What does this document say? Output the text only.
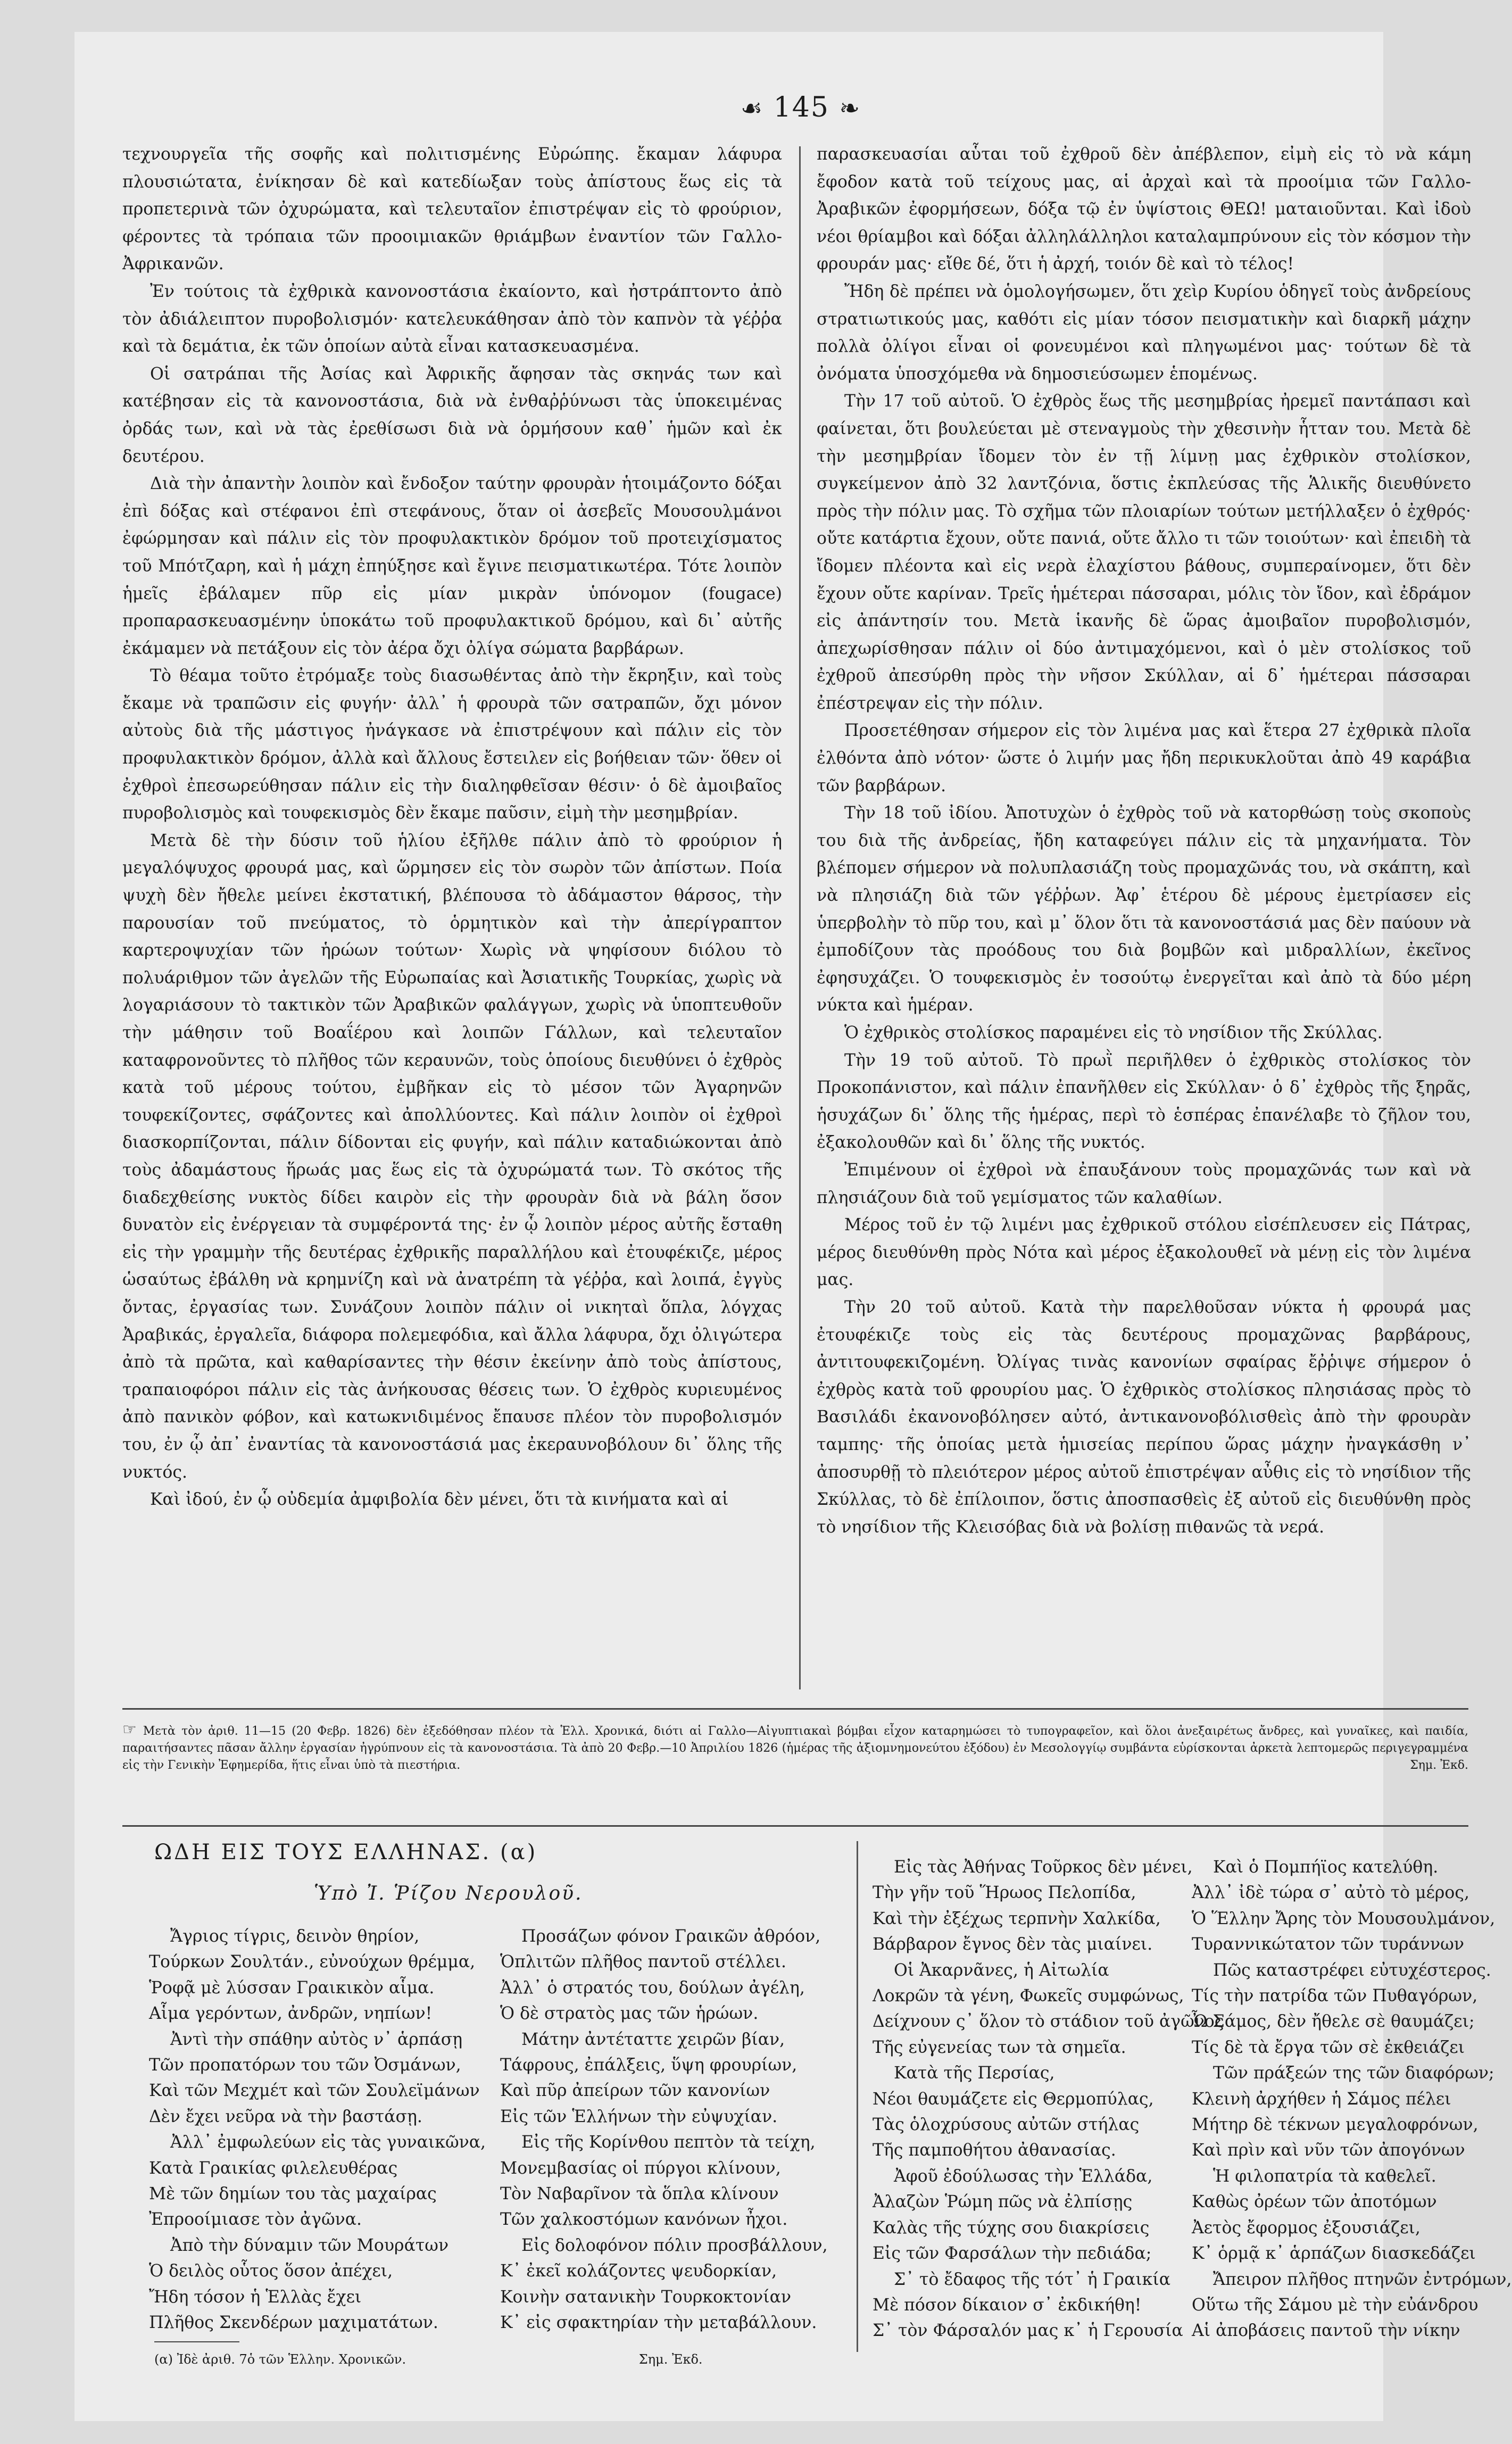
☙ 145 ❧

τεχνουργεῖα τῆς σοφῆς καὶ πολιτισμένης Εὐρώπης. ἔκαμαν λάφυρα πλουσιώτατα, ἐνίκησαν δὲ καὶ κατεδίωξαν τοὺς ἀπίστους ἕως εἰς τὰ προπετερινὰ τῶν ὀχυρώματα, καὶ τελευταῖον ἐπιστρέψαν εἰς τὸ φρούριον, φέροντες τὰ τρόπαια τῶν προοιμιακῶν θριάμβων ἐναντίον τῶν Γαλλο-Ἀφρικανῶν.

Ἐν τούτοις τὰ ἐχθρικὰ κανονοστάσια ἐκαίοντο, καὶ ἠστράπτοντο ἀπὸ τὸν ἀδιάλειπτον πυροβολισμόν· κατελευκάθησαν ἀπὸ τὸν καπνὸν τὰ γέῤῥα καὶ τὰ δεμάτια, ἐκ τῶν ὁποίων αὐτὰ εἶναι κατασκευασμένα.

Οἱ σατράπαι τῆς Ἀσίας καὶ Ἀφρικῆς ἄφησαν τὰς σκηνάς των καὶ κατέβησαν εἰς τὰ κανονοστάσια, διὰ νὰ ἐνθαῤῥύνωσι τὰς ὑποκειμένας ὀρδάς των, καὶ νὰ τὰς ἐρεθίσωσι διὰ νὰ ὁρμήσουν καθ᾽ ἡμῶν καὶ ἐκ δευτέρου.

Διὰ τὴν ἀπαντὴν λοιπὸν καὶ ἔνδοξον ταύτην φρουρὰν ἡτοιμάζοντο δόξαι ἐπὶ δόξας καὶ στέφανοι ἐπὶ στεφάνους, ὅταν οἱ ἀσεβεῖς Μουσουλμάνοι ἐφώρμησαν καὶ πάλιν εἰς τὸν προφυλακτικὸν δρόμον τοῦ προτειχίσματος τοῦ Μπότζαρη, καὶ ἡ μάχη ἐπηύξησε καὶ ἔγινε πεισματικωτέρα. Τότε λοιπὸν ἡμεῖς ἐβάλαμεν πῦρ εἰς μίαν μικρὰν ὑπόνομον (fougace) προπαρασκευασμένην ὑποκάτω τοῦ προφυλακτικοῦ δρόμου, καὶ δι᾽ αὐτῆς ἐκάμαμεν νὰ πετάξουν εἰς τὸν ἀέρα ὄχι ὀλίγα σώματα βαρβάρων.

Τὸ θέαμα τοῦτο ἐτρόμαξε τοὺς διασωθέντας ἀπὸ τὴν ἔκρηξιν, καὶ τοὺς ἔκαμε νὰ τραπῶσιν εἰς φυγήν· ἀλλ᾽ ἡ φρουρὰ τῶν σατραπῶν, ὄχι μόνον αὐτοὺς διὰ τῆς μάστιγος ἠνάγκασε νὰ ἐπιστρέψουν καὶ πάλιν εἰς τὸν προφυλακτικὸν δρόμον, ἀλλὰ καὶ ἄλλους ἔστειλεν εἰς βοήθειαν τῶν· ὅθεν οἱ ἐχθροὶ ἐπεσωρεύθησαν πάλιν εἰς τὴν διαληφθεῖσαν θέσιν· ὁ δὲ ἀμοιβαῖος πυροβολισμὸς καὶ τουφεκισμὸς δὲν ἔκαμε παῦσιν, εἰμὴ τὴν μεσημβρίαν.

Μετὰ δὲ τὴν δύσιν τοῦ ἡλίου ἐξῆλθε πάλιν ἀπὸ τὸ φρούριον ἡ μεγαλόψυχος φρουρά μας, καὶ ὥρμησεν εἰς τὸν σωρὸν τῶν ἀπίστων. Ποία ψυχὴ δὲν ἤθελε μείνει ἐκστατική, βλέπουσα τὸ ἀδάμαστον θάρσος, τὴν παρουσίαν τοῦ πνεύματος, τὸ ὁρμητικὸν καὶ τὴν ἀπερίγραπτον καρτεροψυχίαν τῶν ἡρώων τούτων· Χωρὶς νὰ ψηφίσουν διόλου τὸ πολυάριθμον τῶν ἀγελῶν τῆς Εὐρωπαίας καὶ Ἀσιατικῆς Τουρκίας, χωρὶς νὰ λογαριάσουν τὸ τακτικὸν τῶν Ἀραβικῶν φαλάγγων, χωρὶς νὰ ὑποπτευθοῦν τὴν μάθησιν τοῦ Βοαΐέρου καὶ λοιπῶν Γάλλων, καὶ τελευταῖον καταφρονοῦντες τὸ πλῆθος τῶν κεραυνῶν, τοὺς ὁποίους διευθύνει ὁ ἐχθρὸς κατὰ τοῦ μέρους τούτου, ἐμβῆκαν εἰς τὸ μέσον τῶν Ἀγαρηνῶν τουφεκίζοντες, σφάζοντες καὶ ἀπολλύοντες. Καὶ πάλιν λοιπὸν οἱ ἐχθροὶ διασκορπίζονται, πάλιν δίδονται εἰς φυγήν, καὶ πάλιν καταδιώκονται ἀπὸ τοὺς ἀδαμάστους ἥρωάς μας ἕως εἰς τὰ ὀχυρώματά των. Τὸ σκότος τῆς διαδεχθείσης νυκτὸς δίδει καιρὸν εἰς τὴν φρουρὰν διὰ νὰ βάλη ὅσον δυνατὸν εἰς ἐνέργειαν τὰ συμφέροντά της· ἐν ᾧ λοιπὸν μέρος αὐτῆς ἔσταθη εἰς τὴν γραμμὴν τῆς δευτέρας ἐχθρικῆς παραλλήλου καὶ ἐτουφέκιζε, μέρος ὡσαύτως ἐβάλθη νὰ κρημνίζη καὶ νὰ ἀνατρέπη τὰ γέῤῥα, καὶ λοιπά, ἐγγὺς ὄντας, ἐργασίας των. Συνάζουν λοιπὸν πάλιν οἱ νικηταὶ ὅπλα, λόγχας Ἀραβικάς, ἐργαλεῖα, διάφορα πολεμεφόδια, καὶ ἄλλα λάφυρα, ὄχι ὀλιγώτερα ἀπὸ τὰ πρῶτα, καὶ καθαρίσαντες τὴν θέσιν ἐκείνην ἀπὸ τοὺς ἀπίστους, τραπαιοφόροι πάλιν εἰς τὰς ἀνήκουσας θέσεις των. Ὁ ἐχθρὸς κυριευμένος ἀπὸ πανικὸν φόβον, καὶ κατωκνιδιμένος ἔπαυσε πλέον τὸν πυροβολισμόν του, ἐν ᾧ ἀπ᾽ ἐναντίας τὰ κανονοστάσιά μας ἐκεραυνοβόλουν δι᾽ ὅλης τῆς νυκτός.

Καὶ ἰδού, ἐν ᾧ οὐδεμία ἀμφιβολία δὲν μένει, ὅτι τὰ κινήματα καὶ αἱ

παρασκευασίαι αὗται τοῦ ἐχθροῦ δὲν ἀπέβλεπον, εἰμὴ εἰς τὸ νὰ κάμη ἔφοδον κατὰ τοῦ τείχους μας, αἱ ἀρχαὶ καὶ τὰ προοίμια τῶν Γαλλο-Ἀραβικῶν ἐφορμήσεων, δόξα τῷ ἐν ὑψίστοις ΘΕΩ! ματαιοῦνται. Καὶ ἰδοὺ νέοι θρίαμβοι καὶ δόξαι ἀλληλάλληλοι καταλαμπρύνουν εἰς τὸν κόσμον τὴν φρουράν μας· εἴθε δέ, ὅτι ἡ ἀρχή, τοιόν δὲ καὶ τὸ τέλος!

Ἤδη δὲ πρέπει νὰ ὁμολογήσωμεν, ὅτι χεὶρ Κυρίου ὁδηγεῖ τοὺς ἀνδρείους στρατιωτικούς μας, καθότι εἰς μίαν τόσον πεισματικὴν καὶ διαρκῆ μάχην πολλὰ ὀλίγοι εἶναι οἱ φονευμένοι καὶ πληγωμένοι μας· τούτων δὲ τὰ ὀνόματα ὑποσχόμεθα νὰ δημοσιεύσωμεν ἑπομένως.

Τὴν 17 τοῦ αὐτοῦ. Ὁ ἐχθρὸς ἕως τῆς μεσημβρίας ἠρεμεῖ παντάπασι καὶ φαίνεται, ὅτι βουλεύεται μὲ στεναγμοὺς τὴν χθεσινὴν ἧτταν του. Μετὰ δὲ τὴν μεσημβρίαν ἴδομεν τὸν ἐν τῇ λίμνῃ μας ἐχθρικὸν στολίσκον, συγκείμενον ἀπὸ 32 λαντζόνια, ὅστις ἐκπλεύσας τῆς Ἁλικῆς διευθύνετο πρὸς τὴν πόλιν μας. Τὸ σχῆμα τῶν πλοιαρίων τούτων μετήλλαξεν ὁ ἐχθρός· οὔτε κατάρτια ἔχουν, οὔτε πανιά, οὔτε ἄλλο τι τῶν τοιούτων· καὶ ἐπειδὴ τὰ ἴδομεν πλέοντα καὶ εἰς νερὰ ἐλαχίστου βάθους, συμπεραίνομεν, ὅτι δὲν ἔχουν οὔτε καρίναν. Τρεῖς ἡμέτεραι πάσσαραι, μόλις τὸν ἴδον, καὶ ἐδράμον εἰς ἀπάντησίν του. Μετὰ ἱκανῆς δὲ ὥρας ἀμοιβαῖον πυροβολισμόν, ἀπεχωρίσθησαν πάλιν οἱ δύο ἀντιμαχόμενοι, καὶ ὁ μὲν στολίσκος τοῦ ἐχθροῦ ἀπεσύρθη πρὸς τὴν νῆσον Σκύλλαν, αἱ δ᾽ ἡμέτεραι πάσσαραι ἐπέστρεψαν εἰς τὴν πόλιν.

Προσετέθησαν σήμερον εἰς τὸν λιμένα μας καὶ ἕτερα 27 ἐχθρικὰ πλοῖα ἐλθόντα ἀπὸ νότον· ὥστε ὁ λιμήν μας ἤδη περικυκλοῦται ἀπὸ 49 καράβια τῶν βαρβάρων.

Τὴν 18 τοῦ ἰδίου. Ἀποτυχὼν ὁ ἐχθρὸς τοῦ νὰ κατορθώσῃ τοὺς σκοποὺς του διὰ τῆς ἀνδρείας, ἤδη καταφεύγει πάλιν εἰς τὰ μηχανήματα. Τὸν βλέπομεν σήμερον νὰ πολυπλασιάζη τοὺς προμαχῶνάς του, νὰ σκάπτη, καὶ νὰ πλησιάζη διὰ τῶν γέῤῥων. Ἀφ᾽ ἑτέρου δὲ μέρους ἐμετρίασεν εἰς ὑπερβολὴν τὸ πῦρ του, καὶ μ᾽ ὅλον ὅτι τὰ κανονοστάσιά μας δὲν παύουν νὰ ἐμποδίζουν τὰς προόδους του διὰ βομβῶν καὶ μιδραλλίων, ἐκεῖνος ἐφησυχάζει. Ὁ τουφεκισμὸς ἐν τοσούτῳ ἐνεργεῖται καὶ ἀπὸ τὰ δύο μέρη νύκτα καὶ ἡμέραν.

Ὁ ἐχθρικὸς στολίσκος παραμένει εἰς τὸ νησίδιον τῆς Σκύλλας.

Τὴν 19 τοῦ αὐτοῦ. Τὸ πρωῒ περιῆλθεν ὁ ἐχθρικὸς στολίσκος τὸν Προκοπάνιστον, καὶ πάλιν ἐπανῆλθεν εἰς Σκύλλαν· ὁ δ᾽ ἐχθρὸς τῆς ξηρᾶς, ἡσυχάζων δι᾽ ὅλης τῆς ἡμέρας, περὶ τὸ ἑσπέρας ἐπανέλαβε τὸ ζῆλον του, ἐξακολουθῶν καὶ δι᾽ ὅλης τῆς νυκτός.

Ἐπιμένουν οἱ ἐχθροὶ νὰ ἐπαυξάνουν τοὺς προμαχῶνάς των καὶ νὰ πλησιάζουν διὰ τοῦ γεμίσματος τῶν καλαθίων.

Μέρος τοῦ ἐν τῷ λιμένι μας ἐχθρικοῦ στόλου εἰσέπλευσεν εἰς Πάτρας, μέρος διευθύνθη πρὸς Νότα καὶ μέρος ἐξακολουθεῖ νὰ μένῃ εἰς τὸν λιμένα μας.

Τὴν 20 τοῦ αὐτοῦ. Κατὰ τὴν παρελθοῦσαν νύκτα ἡ φρουρά μας ἐτουφέκιζε τοὺς εἰς τὰς δευτέρους προμαχῶνας βαρβάρους, ἀντιτουφεκιζομένη. Ὀλίγας τινὰς κανονίων σφαίρας ἔῤῥιψε σήμερον ὁ ἐχθρὸς κατὰ τοῦ φρουρίου μας. Ὁ ἐχθρικὸς στολίσκος πλησιάσας πρὸς τὸ Βασιλάδι ἐκανονοβόλησεν αὐτό, ἀντικανονοβόλισθεὶς ἀπὸ τὴν φρουρὰν ταμπης· τῆς ὁποίας μετὰ ἡμισείας περίπου ὥρας μάχην ἠναγκάσθη ν᾽ ἀποσυρθῇ τὸ πλειότερον μέρος αὐτοῦ ἐπιστρέψαν αὖθις εἰς τὸ νησίδιον τῆς Σκύλλας, τὸ δὲ ἐπίλοιπον, ὅστις ἀποσπασθεὶς ἐξ αὐτοῦ εἰς διευθύνθη πρὸς τὸ νησίδιον τῆς Κλεισόβας διὰ νὰ βολίσῃ πιθανῶς τὰ νερά.

☞ Μετὰ τὸν ἀριθ. 11—15 (20 Φεβρ. 1826) δὲν ἐξεδόθησαν πλέον τὰ Ἑλλ. Χρονικά, διότι αἱ Γαλλο—Αἰγυπτιακαὶ βόμβαι εἶχον καταρημώσει τὸ τυπογραφεῖον, καὶ ὅλοι ἀνεξαιρέτως ἄνδρες, καὶ γυναῖκες, καὶ παιδία, παραιτήσαντες πᾶσαν ἄλλην ἐργασίαν ἠγρύπνουν εἰς τὰ κανονοστάσια. Τὰ ἀπὸ 20 Φεβρ.—10 Ἀπριλίου 1826 (ἡμέρας τῆς ἀξιομνημονεύτου ἐξόδου) ἐν Μεσολογγίῳ συμβάντα εὑρίσκονται ἀρκετὰ λεπτομερῶς περιγεγραμμένα εἰς τὴν Γενικὴν Ἐφημερίδα, ἥτις εἶναι ὑπὸ τὰ πιεστήρια.	Σημ. Ἐκδ.
ΩΔΗ ΕΙΣ ΤΟΥΣ ΕΛΛΗΝΑΣ. (α)
Ὑπὸ Ἰ. Ῥίζου Νερουλοῦ.
Ἄγριος τίγρις, δεινὸν θηρίον,
Τούρκων Σουλτάν., εὐνούχων θρέμμα,
Ῥοφᾷ μὲ λύσσαν Γραικικὸν αἷμα.
Αἷμα γερόντων, ἀνδρῶν, νηπίων!
Ἀντὶ τὴν σπάθην αὐτὸς ν᾽ ἁρπάσῃ
Τῶν προπατόρων του τῶν Ὀσμάνων,
Καὶ τῶν Μεχμέτ καὶ τῶν Σουλεϊμάνων
Δὲν ἔχει νεῦρα νὰ τὴν βαστάσῃ.
Ἀλλ᾽ ἐμφωλεύων εἰς τὰς γυναικῶνα,
Κατὰ Γραικίας φιλελευθέρας
Μὲ τῶν δημίων του τὰς μαχαίρας
Ἐπροοίμιασε τὸν ἀγῶνα.
Ἀπὸ τὴν δύναμιν τῶν Μουράτων
Ὁ δειλὸς οὗτος ὅσον ἀπέχει,
Ἤδη τόσον ἡ Ἑλλὰς ἔχει
Πλῆθος Σκενδέρων μαχιματάτων.
Προσάζων φόνον Γραικῶν ἀθρόον,
Ὁπλιτῶν πλῆθος παντοῦ στέλλει.
Ἀλλ᾽ ὁ στρατός του, δούλων ἀγέλη,
Ὁ δὲ στρατὸς μας τῶν ἡρώων.
Μάτην ἀντέταττε χειρῶν βίαν,
Τάφρους, ἐπάλξεις, ὕψη φρουρίων,
Καὶ πῦρ ἀπείρων τῶν κανονίων
Εἰς τῶν Ἑλλήνων τὴν εὐψυχίαν.
Εἰς τῆς Κορίνθου πεπτὸν τὰ τείχη,
Μονεμβασίας οἱ πύργοι κλίνουν,
Τὸν Ναβαρῖνον τὰ ὅπλα κλίνουν
Τῶν χαλκοστόμων κανόνων ἦχοι.
Εἰς δολοφόνον πόλιν προσβάλλουν,
Κ᾽ ἐκεῖ κολάζοντες ψευδορκίαν,
Κοινὴν σατανικὴν Τουρκοκτονίαν
Κ᾽ εἰς σφακτηρίαν τὴν μεταβάλλουν.
Εἰς τὰς Ἀθήνας Τοῦρκος δὲν μένει,
Τὴν γῆν τοῦ Ἥρωος Πελοπίδα,
Καὶ τὴν ἐξέχως τερπνὴν Χαλκίδα,
Βάρβαρον ἔγνος δὲν τὰς μιαίνει.
Οἱ Ἀκαρνᾶνες, ἡ Αἰτωλία
Λοκρῶν τὰ γένη, Φωκεῖς συμφώνως,
Δείχνουν ς᾽ ὅλον τὸ στάδιον τοῦ ἀγῶνος
Τῆς εὐγενείας των τὰ σημεῖα.
Κατὰ τῆς Περσίας,
Νέοι θαυμάζετε εἰς Θερμοπύλας,
Τὰς ὁλοχρύσους αὐτῶν στήλας
Τῆς παμποθήτου ἀθανασίας.
Ἀφοῦ ἐδούλωσας τὴν Ἑλλάδα,
Ἀλαζὼν Ῥώμη πῶς νὰ ἐλπίσῃς
Καλὰς τῆς τύχης σου διακρίσεις
Εἰς τῶν Φαρσάλων τὴν πεδιάδα;
Σ᾽ τὸ ἔδαφος τῆς τότ᾽ ἡ Γραικία
Μὲ πόσον δίκαιον σ᾽ ἐκδικήθη!
Σ᾽ τὸν Φάρσαλόν μας κ᾽ ἡ Γερουσία
Καὶ ὁ Πομπήϊος κατελύθη.
Ἀλλ᾽ ἰδὲ τώρα σ᾽ αὐτὸ τὸ μέρος,
Ὁ Ἕλλην Ἄρης τὸν Μουσουλμάνον,
Τυραννικώτατον τῶν τυράννων
Πῶς καταστρέφει εὐτυχέστερος.
Τίς τὴν πατρίδα τῶν Πυθαγόρων,
Ὦ Σάμος, δὲν ἤθελε σὲ θαυμάζει;
Τίς δὲ τὰ ἔργα τῶν σὲ ἐκθειάζει
Τῶν πράξεών της τῶν διαφόρων;
Κλεινὴ ἀρχήθεν ἡ Σάμος πέλει
Μήτηρ δὲ τέκνων μεγαλοφρόνων,
Καὶ πρὶν καὶ νῦν τῶν ἀπογόνων
Ἡ φιλοπατρία τὰ καθελεῖ.
Καθὼς ὀρέων τῶν ἀποτόμων
Ἀετὸς ἔφορμος ἐξουσιάζει,
Κ᾽ ὁρμᾷ κ᾽ ἁρπάζων διασκεδάζει
Ἄπειρον πλῆθος πτηνῶν ἐντρόμων,
Οὕτω τῆς Σάμου μὲ τὴν εὐάνδρου
Αἱ ἀποβάσεις παντοῦ τὴν νίκην
(α) Ἰδὲ ἀριθ. 7ὁ τῶν Ἑλλην. Χρονικῶν.	Σημ. Ἐκδ.
